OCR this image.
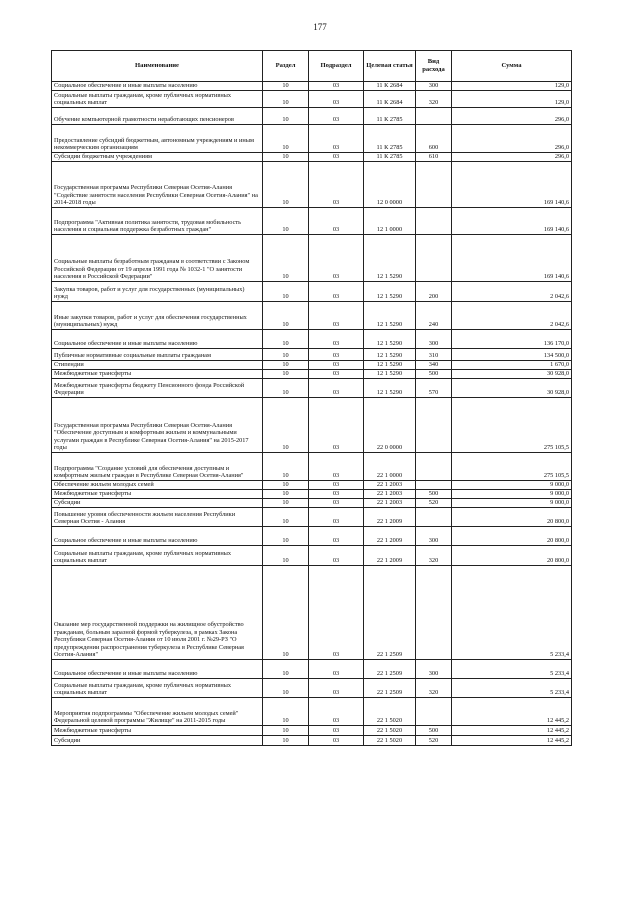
177
Наименование	Раздел	Подраздел	Целевая статья	Вид расхода	Сумма
Социальное обеспечение и иные выплаты населению	10	03	11 К 2684	300	129,0
Социальные выплаты гражданам, кроме публичных нормативных социальных выплат	10	03	11 К 2684	320	129,0
Обучение компьютерной грамотности неработающих пенсионеров	10	03	11 К 2785		296,0
Предоставление субсидий бюджетным, автономным учреждениям и иным некоммерческим организациям	10	03	11 К 2785	600	296,0
Субсидии бюджетным учреждениям	10	03	11 К 2785	610	296,0
Государственная программа Республики Северная Осетия-Алания "Содействие занятости населения Республики Северная Осетия-Алания" на 2014-2018 годы	10	03	12 0 0000		169 140,6
Подпрограмма "Активная политика занятости, трудовая мобильность населения и социальная поддержка безработных граждан"	10	03	12 1 0000		169 140,6
Социальные выплаты безработным гражданам в соответствии с Законом Российской Федерации от 19 апреля 1991 года № 1032-1 "О занятости населения в Российской Федерации"	10	03	12 1 5290		169 140,6
Закупка товаров, работ и услуг для государственных (муниципальных) нужд	10	03	12 1 5290	200	2 042,6
Иные закупки товаров, работ и услуг для обеспечения государственных (муниципальных) нужд	10	03	12 1 5290	240	2 042,6
Социальное обеспечение и иные выплаты населению	10	03	12 1 5290	300	136 170,0
Публичные нормативные социальные выплаты гражданам	10	03	12 1 5290	310	134 500,0
Стипендии	10	03	12 1 5290	340	1 670,0
Межбюджетные трансферты	10	03	12 1 5290	500	30 928,0
Межбюджетные трансферты бюджету Пенсионного фонда Российской Федерации	10	03	12 1 5290	570	30 928,0
Государственная программа Республики Северная Осетия-Алания "Обеспечение доступным и комфортным жильем и коммунальными услугами граждан в Республике Северная Осетия-Алания" на 2015-2017 годы	10	03	22 0 0000		275 105,5
Подпрограмма "Создание условий для обеспечения доступным и комфортным жильем граждан в Республике Северная Осетия-Алания"	10	03	22 1 0000		275 105,5
Обеспечение жильем молодых семей	10	03	22 1 2003		9 000,0
Межбюджетные трансферты	10	03	22 1 2003	500	9 000,0
Субсидии	10	03	22 1 2003	520	9 000,0
Повышение уровня обеспеченности жильем населения Республики Северная Осетия - Алания	10	03	22 1 2009		20 800,0
Социальное обеспечение и иные выплаты населению	10	03	22 1 2009	300	20 800,0
Социальные выплаты гражданам, кроме публичных нормативных социальных выплат	10	03	22 1 2009	320	20 800,0
Оказание мер государственной поддержки на жилищное обустройство гражданам, больным заразной формой туберкулеза, в рамках Закона Республики Северная Осетия-Алания от 10 июля 2001 г. №29-РЗ "О предупреждении распространения туберкулеза в Республике Северная Осетия-Алания"	10	03	22 1 2509		5 233,4
Социальное обеспечение и иные выплаты населению	10	03	22 1 2509	300	5 233,4
Социальные выплаты гражданам, кроме публичных нормативных социальных выплат	10	03	22 1 2509	320	5 233,4
Мероприятия подпрограммы "Обеспечение жильем молодых семей" Федеральной целевой программы "Жилище" на 2011-2015 годы	10	03	22 1 5020		12 445,2
Межбюджетные трансферты	10	03	22 1 5020	500	12 445,2
Субсидии	10	03	22 1 5020	520	12 445,2
